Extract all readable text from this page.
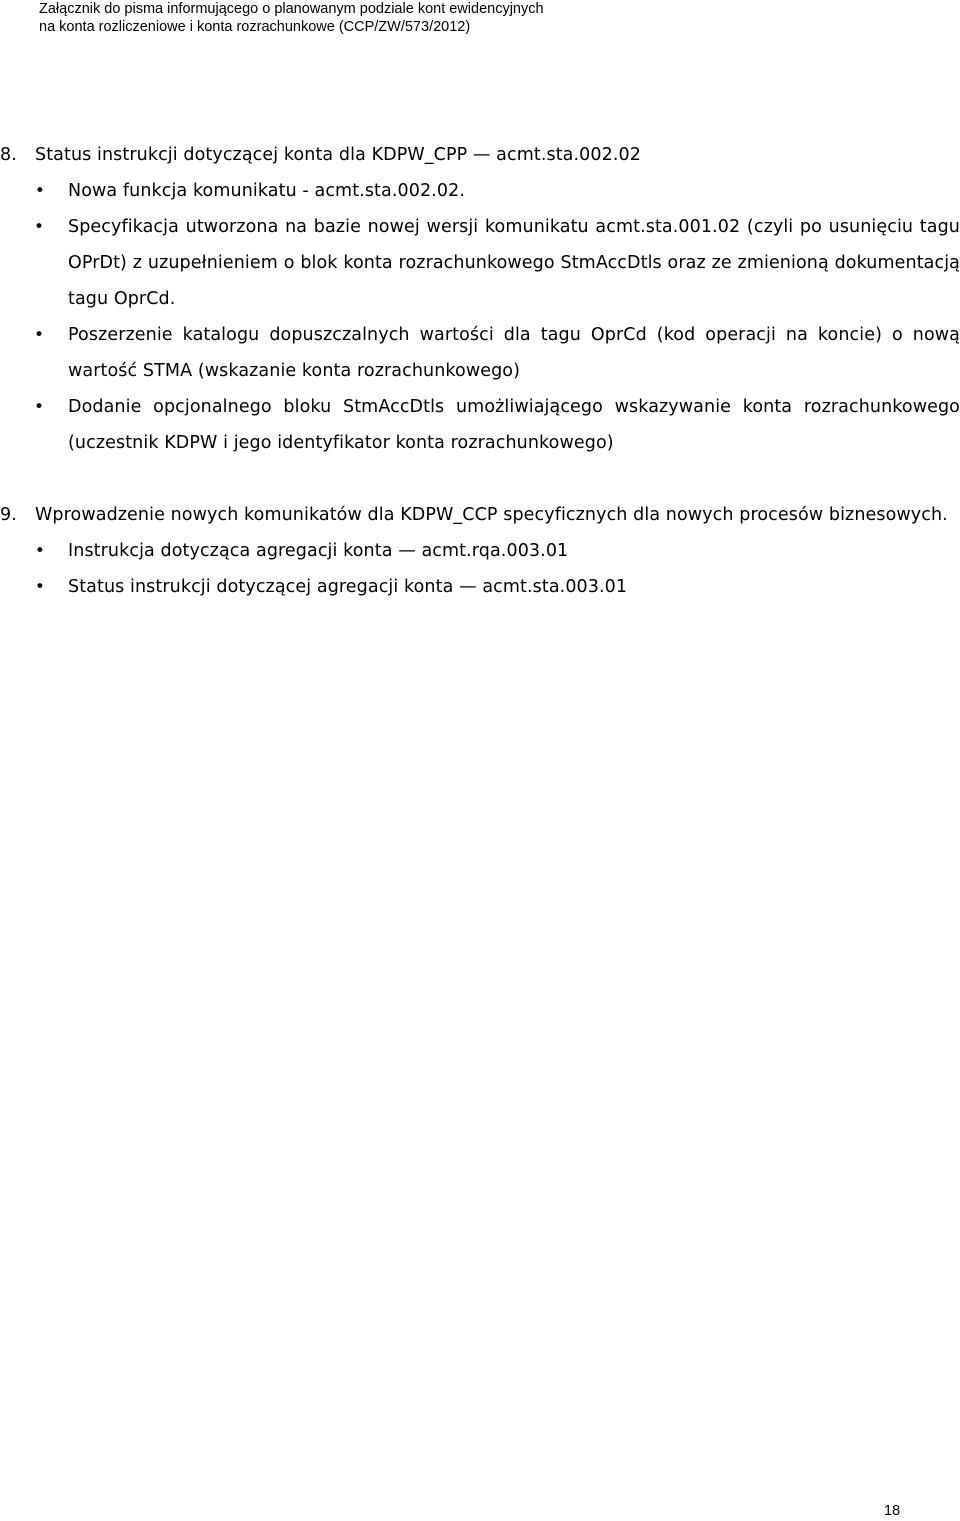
Załącznik do pisma informującego o planowanym podziale kont ewidencyjnych
na konta rozliczeniowe i konta rozrachunkowe (CCP/ZW/573/2012)
8. Status instrukcji dotyczącej konta dla KDPW_CPP — acmt.sta.002.02
• Nowa funkcja komunikatu - acmt.sta.002.02.
• Specyfikacja utworzona na bazie nowej wersji komunikatu acmt.sta.001.02 (czyli po usunięciu tagu OPrDt) z uzupełnieniem o blok konta rozrachunkowego StmAccDtls oraz ze zmienioną dokumentacją tagu OprCd.
• Poszerzenie katalogu dopuszczalnych wartości dla tagu OprCd (kod operacji na koncie) o nową wartość STMA (wskazanie konta rozrachunkowego)
• Dodanie opcjonalnego bloku StmAccDtls umożliwiającego wskazywanie konta rozrachunkowego (uczestnik KDPW i jego identyfikator konta rozrachunkowego)
9. Wprowadzenie nowych komunikatów dla KDPW_CCP specyficznych dla nowych procesów biznesowych.
• Instrukcja dotycząca agregacji konta — acmt.rqa.003.01
• Status instrukcji dotyczącej agregacji konta — acmt.sta.003.01
18
